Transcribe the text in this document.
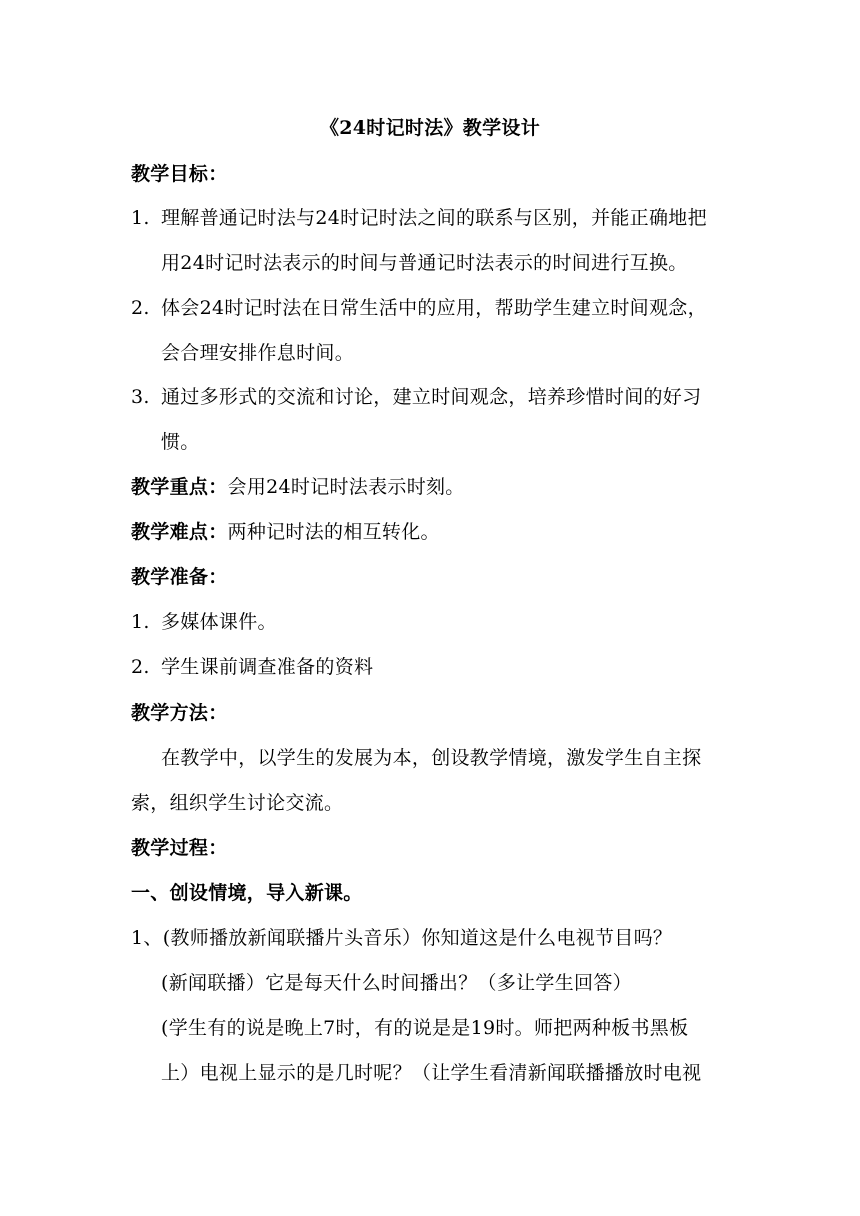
《24时记时法》教学设计

教学目标：

1. 理解普通记时法与24时记时法之间的联系与区别，并能正确地把

用24时记时法表示的时间与普通记时法表示的时间进行互换。

2. 体会24时记时法在日常生活中的应用，帮助学生建立时间观念，

会合理安排作息时间。

3. 通过多形式的交流和讨论，建立时间观念，培养珍惜时间的好习

惯。

教学重点：会用24时记时法表示时刻。

教学难点：两种记时法的相互转化。

教学准备：

1. 多媒体课件。

2. 学生课前调查准备的资料

教学方法：

在教学中，以学生的发展为本，创设教学情境，激发学生自主探

索，组织学生讨论交流。

教学过程：

一、创设情境，导入新课。

1、(教师播放新闻联播片头音乐）你知道这是什么电视节目吗？

(新闻联播）它是每天什么时间播出？（多让学生回答）

(学生有的说是晚上7时，有的说是是19时。师把两种板书黑板

上）电视上显示的是几时呢？（让学生看清新闻联播播放时电视
